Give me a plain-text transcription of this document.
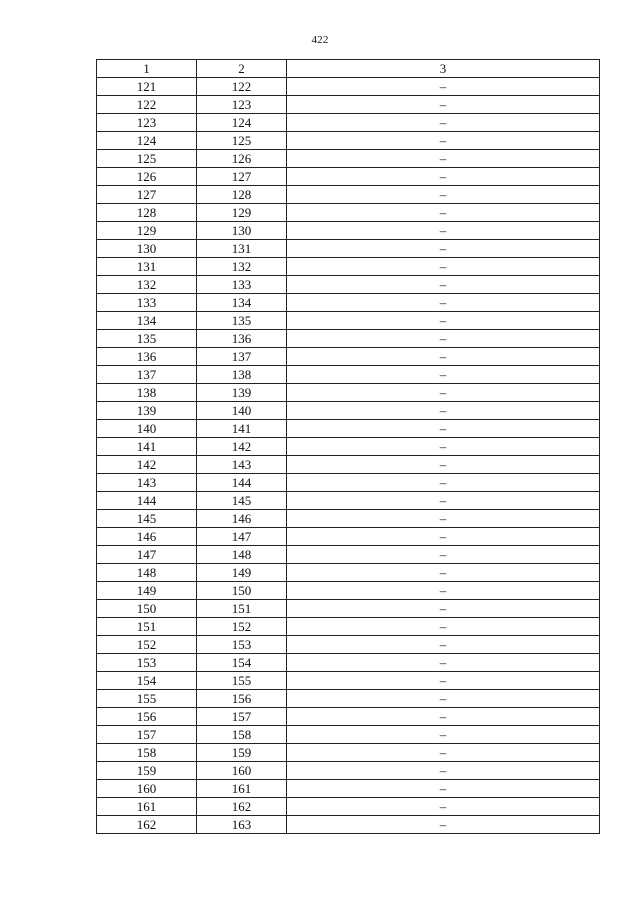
422
1	2	3
121	122	–
122	123	–
123	124	–
124	125	–
125	126	–
126	127	–
127	128	–
128	129	–
129	130	–
130	131	–
131	132	–
132	133	–
133	134	–
134	135	–
135	136	–
136	137	–
137	138	–
138	139	–
139	140	–
140	141	–
141	142	–
142	143	–
143	144	–
144	145	–
145	146	–
146	147	–
147	148	–
148	149	–
149	150	–
150	151	–
151	152	–
152	153	–
153	154	–
154	155	–
155	156	–
156	157	–
157	158	–
158	159	–
159	160	–
160	161	–
161	162	–
162	163	–
